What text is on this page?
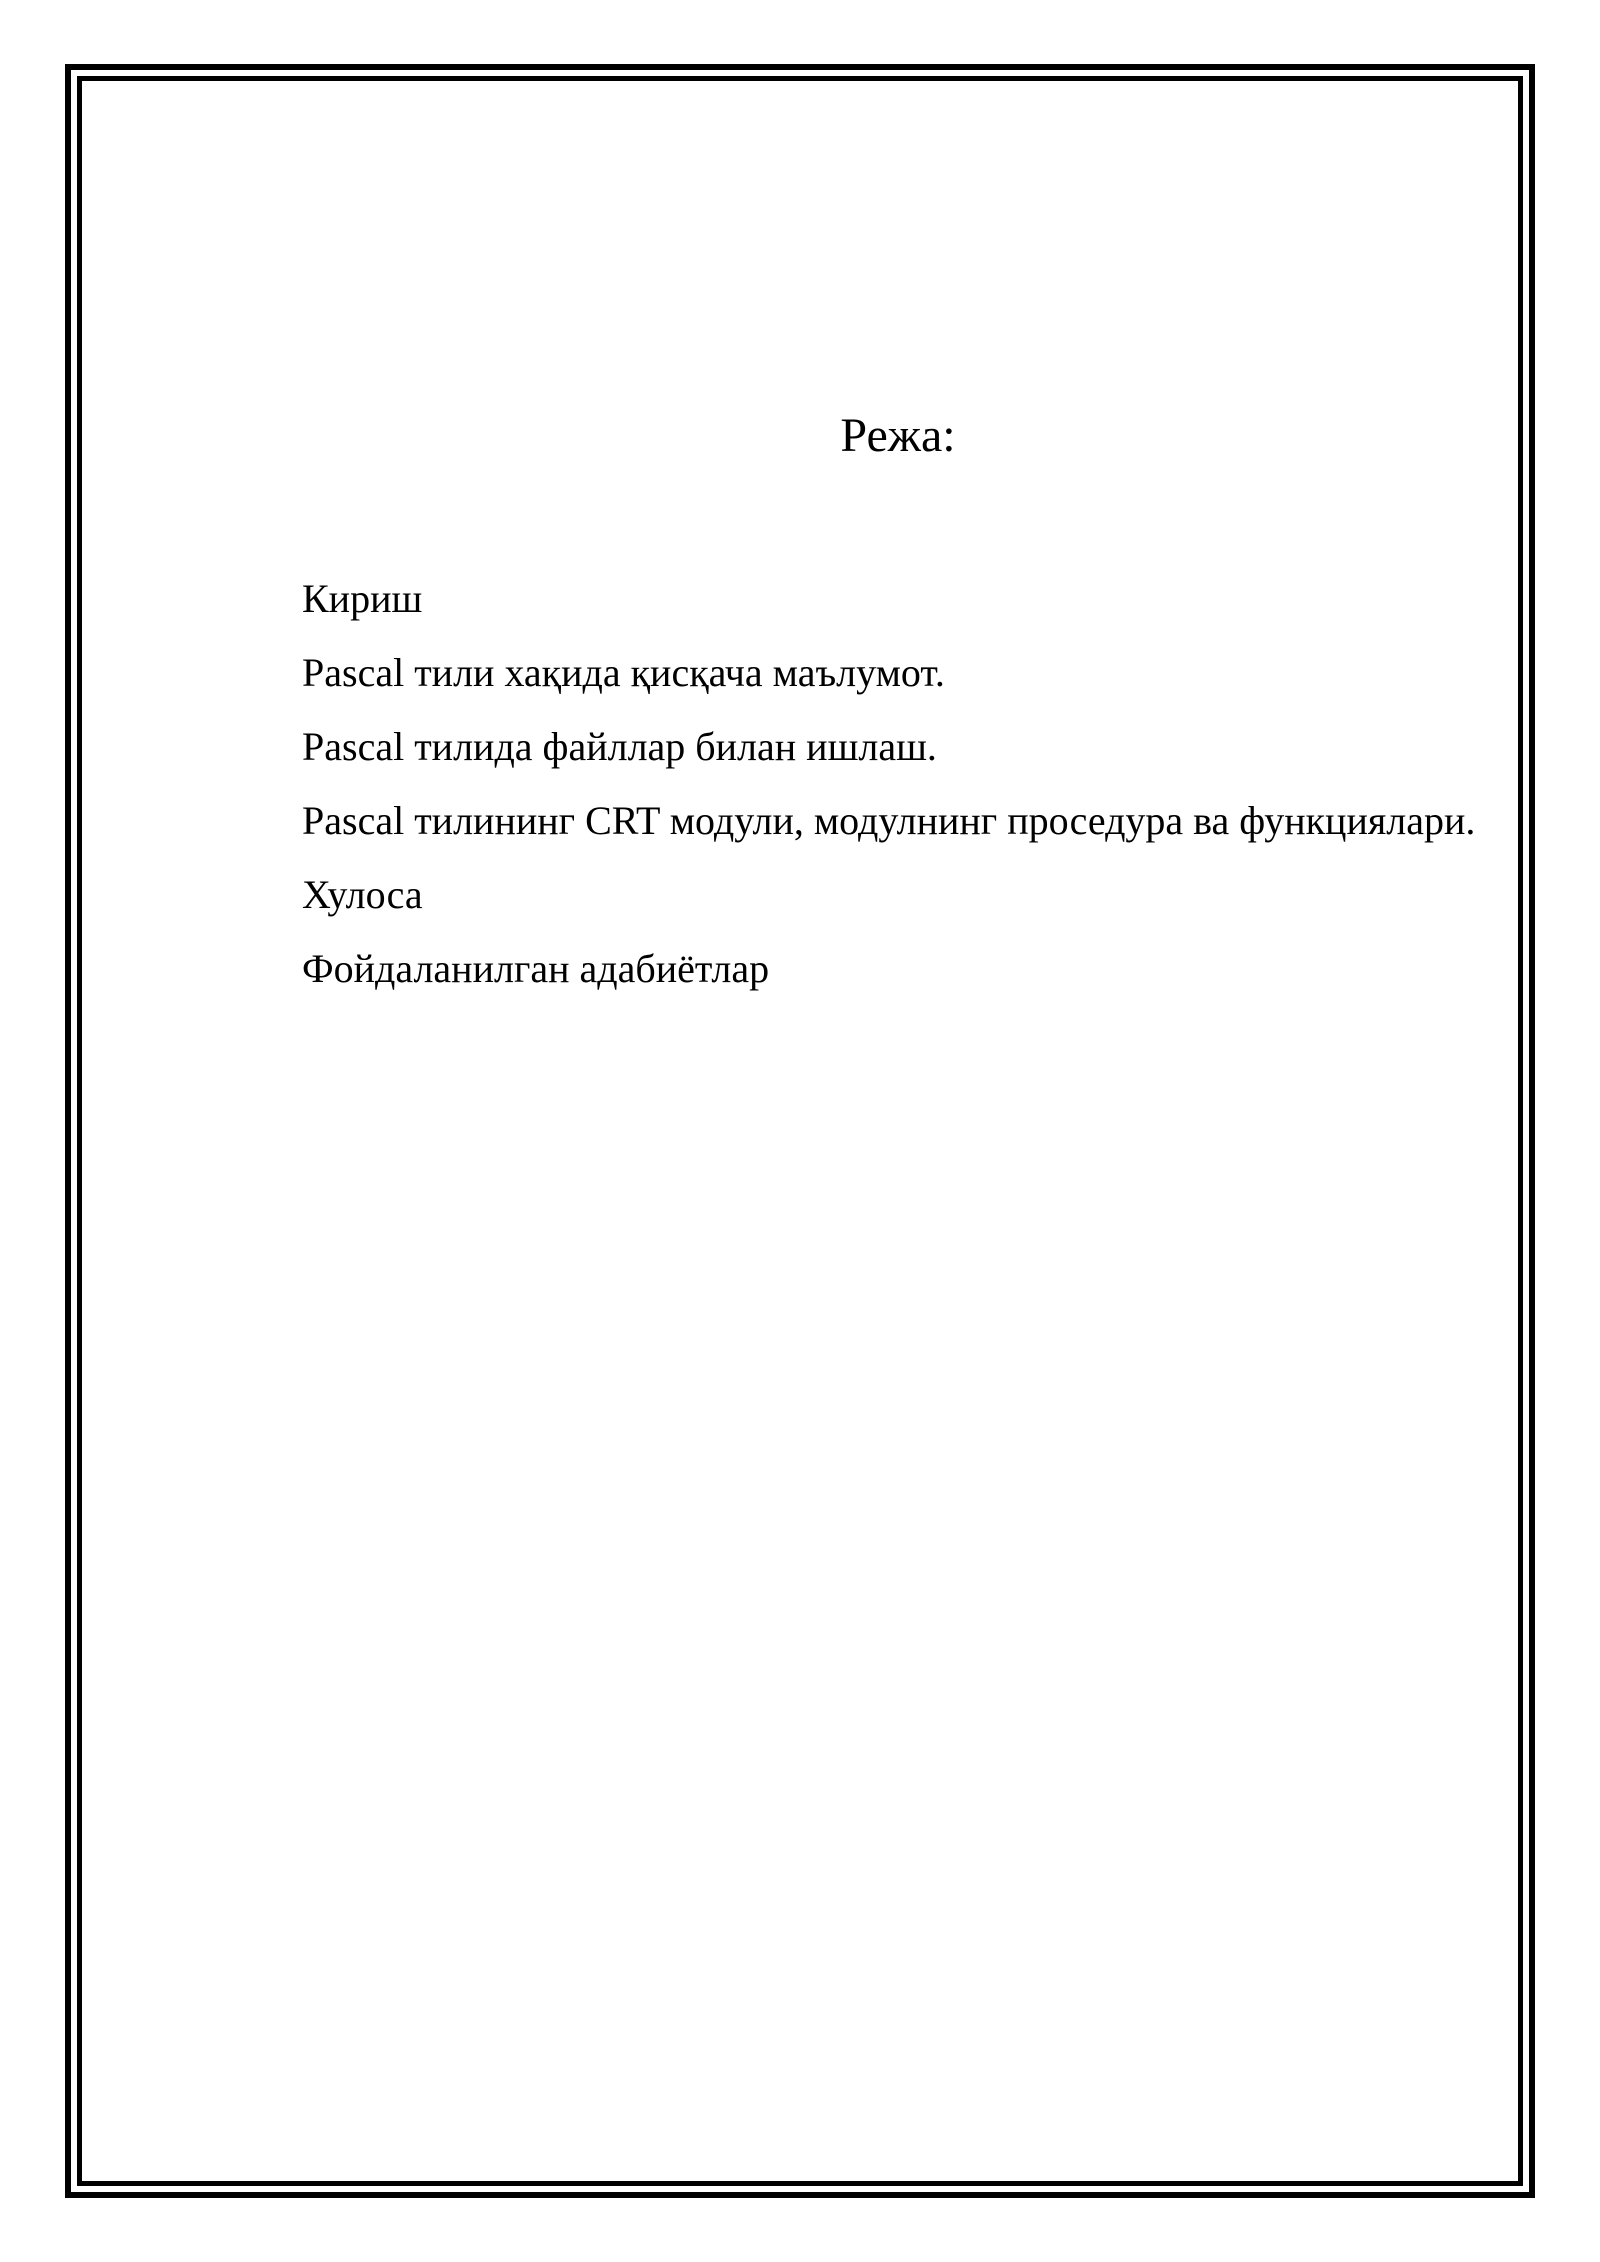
Режа:
Кириш
Pascal тили хақида қисқача маълумот.
Pascal тилида файллар билан ишлаш.
Pascal тилининг CRT модули, модулнинг проседура ва функциялари.
Хулоса
Фойдаланилган адабиётлар
